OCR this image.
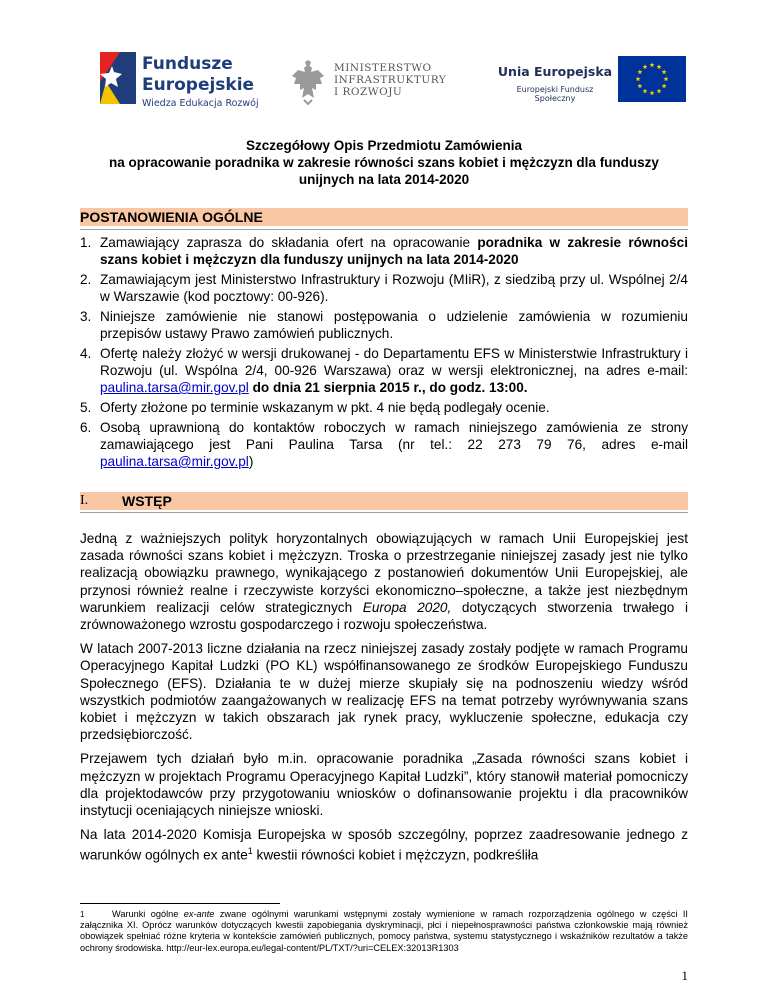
Fundusze
Europejskie
Wiedza Edukacja Rozwój
MINISTERSTWO
INFRASTRUKTURY
I ROZWOJU
Unia Europejska
Europejski Fundusz Społeczny
Szczegółowy Opis Przedmiotu Zamówienia
na opracowanie poradnika w zakresie równości szans kobiet i mężczyzn dla funduszy
unijnych na lata 2014-2020
POSTANOWIENIA OGÓLNE
1. Zamawiający zaprasza do składania ofert na opracowanie poradnika w zakresie równości szans kobiet i mężczyzn dla funduszy unijnych na lata 2014-2020
2. Zamawiającym jest Ministerstwo Infrastruktury i Rozwoju (MIiR), z siedzibą przy ul. Wspólnej 2/4 w Warszawie (kod pocztowy: 00-926).
3. Niniejsze zamówienie nie stanowi postępowania o udzielenie zamówienia w rozumieniu przepisów ustawy Prawo zamówień publicznych.
4. Ofertę należy złożyć w wersji drukowanej - do Departamentu EFS w Ministerstwie Infrastruktury i Rozwoju (ul. Wspólna 2/4, 00-926 Warszawa) oraz w wersji elektronicznej, na adres e-mail: paulina.tarsa@mir.gov.pl do dnia 21 sierpnia 2015 r., do godz. 13:00.
5. Oferty złożone po terminie wskazanym w pkt. 4 nie będą podlegały ocenie.
6. Osobą uprawnioną do kontaktów roboczych w ramach niniejszego zamówienia ze strony zamawiającego jest Pani Paulina Tarsa (nr tel.: 22 273 79 76, adres e-mail paulina.tarsa@mir.gov.pl)
I. WSTĘP

Jedną z ważniejszych polityk horyzontalnych obowiązujących w ramach Unii Europejskiej jest zasada równości szans kobiet i mężczyzn. Troska o przestrzeganie niniejszej zasady jest nie tylko realizacją obowiązku prawnego, wynikającego z postanowień dokumentów Unii Europejskiej, ale przynosi również realne i rzeczywiste korzyści ekonomiczno–społeczne, a także jest niezbędnym warunkiem realizacji celów strategicznych Europa 2020, dotyczących stworzenia trwałego i zrównoważonego wzrostu gospodarczego i rozwoju społeczeństwa.

W latach 2007-2013 liczne działania na rzecz niniejszej zasady zostały podjęte w ramach Programu Operacyjnego Kapitał Ludzki (PO KL) współfinansowanego ze środków Europejskiego Funduszu Społecznego (EFS). Działania te w dużej mierze skupiały się na podnoszeniu wiedzy wśród wszystkich podmiotów zaangażowanych w realizację EFS na temat potrzeby wyrównywania szans kobiet i mężczyzn w takich obszarach jak rynek pracy, wykluczenie społeczne, edukacja czy przedsiębiorczość.

Przejawem tych działań było m.in. opracowanie poradnika „Zasada równości szans kobiet i mężczyzn w projektach Programu Operacyjnego Kapitał Ludzki”, który stanowił materiał pomocniczy dla projektodawców przy przygotowaniu wniosków o dofinansowanie projektu i dla pracowników instytucji oceniających niniejsze wnioski.

Na lata 2014-2020 Komisja Europejska w sposób szczególny, poprzez zaadresowanie jednego z warunków ogólnych ex ante$^1$ kwestii równości kobiet i mężczyzn, podkreśliła

1	Warunki ogólne ex-ante zwane ogólnymi warunkami wstępnymi zostały wymienione w ramach rozporządzenia ogólnego w części II załącznika XI. Oprócz warunków dotyczących kwestii zapobiegania dyskryminacji, płci i niepełnosprawności państwa członkowskie mają również obowiązek spełniać różne kryteria w kontekście zamówień publicznych, pomocy państwa, systemu statystycznego i wskaźników rezultatów a także ochrony środowiska. http://eur-lex.europa.eu/legal-content/PL/TXT/?uri=CELEX:32013R1303
1
